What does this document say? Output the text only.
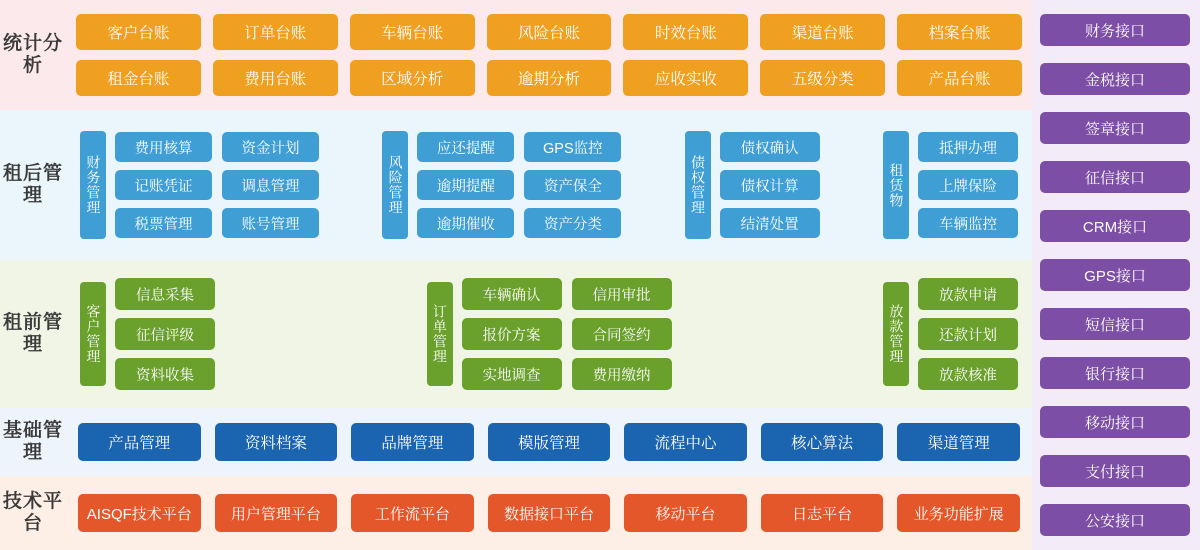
统计分析
客户台账	订单台账	车辆台账	风险台账	时效台账	渠道台账	档案台账
租金台账	费用台账	区域分析	逾期分析	应收实收	五级分类	产品台账
租后管理	财务管理
费用核算	资金计划
记账凭证	调息管理
税票管理	账号管理
风险管理
应还提醒	GPS监控
逾期提醒	资产保全
逾期催收	资产分类
债权管理
债权确认
债权计算
结清处置
租赁物
抵押办理
上牌保险
车辆监控
租前管理	客户管理
信息采集
征信评级
资料收集
订单管理
车辆确认	信用审批
报价方案	合同签约
实地调查	费用缴纳
放款管理
放款申请
还款计划
放款核准
基础管理	产品管理	资料档案	品牌管理	模版管理	流程中心	核心算法	渠道管理
技术平台	AISQF技术平台	用户管理平台	工作流平台	数据接口平台	移动平台	日志平台	业务功能扩展
财务接口
金税接口
签章接口
征信接口
CRM接口
GPS接口
短信接口
银行接口
移动接口
支付接口
公安接口
